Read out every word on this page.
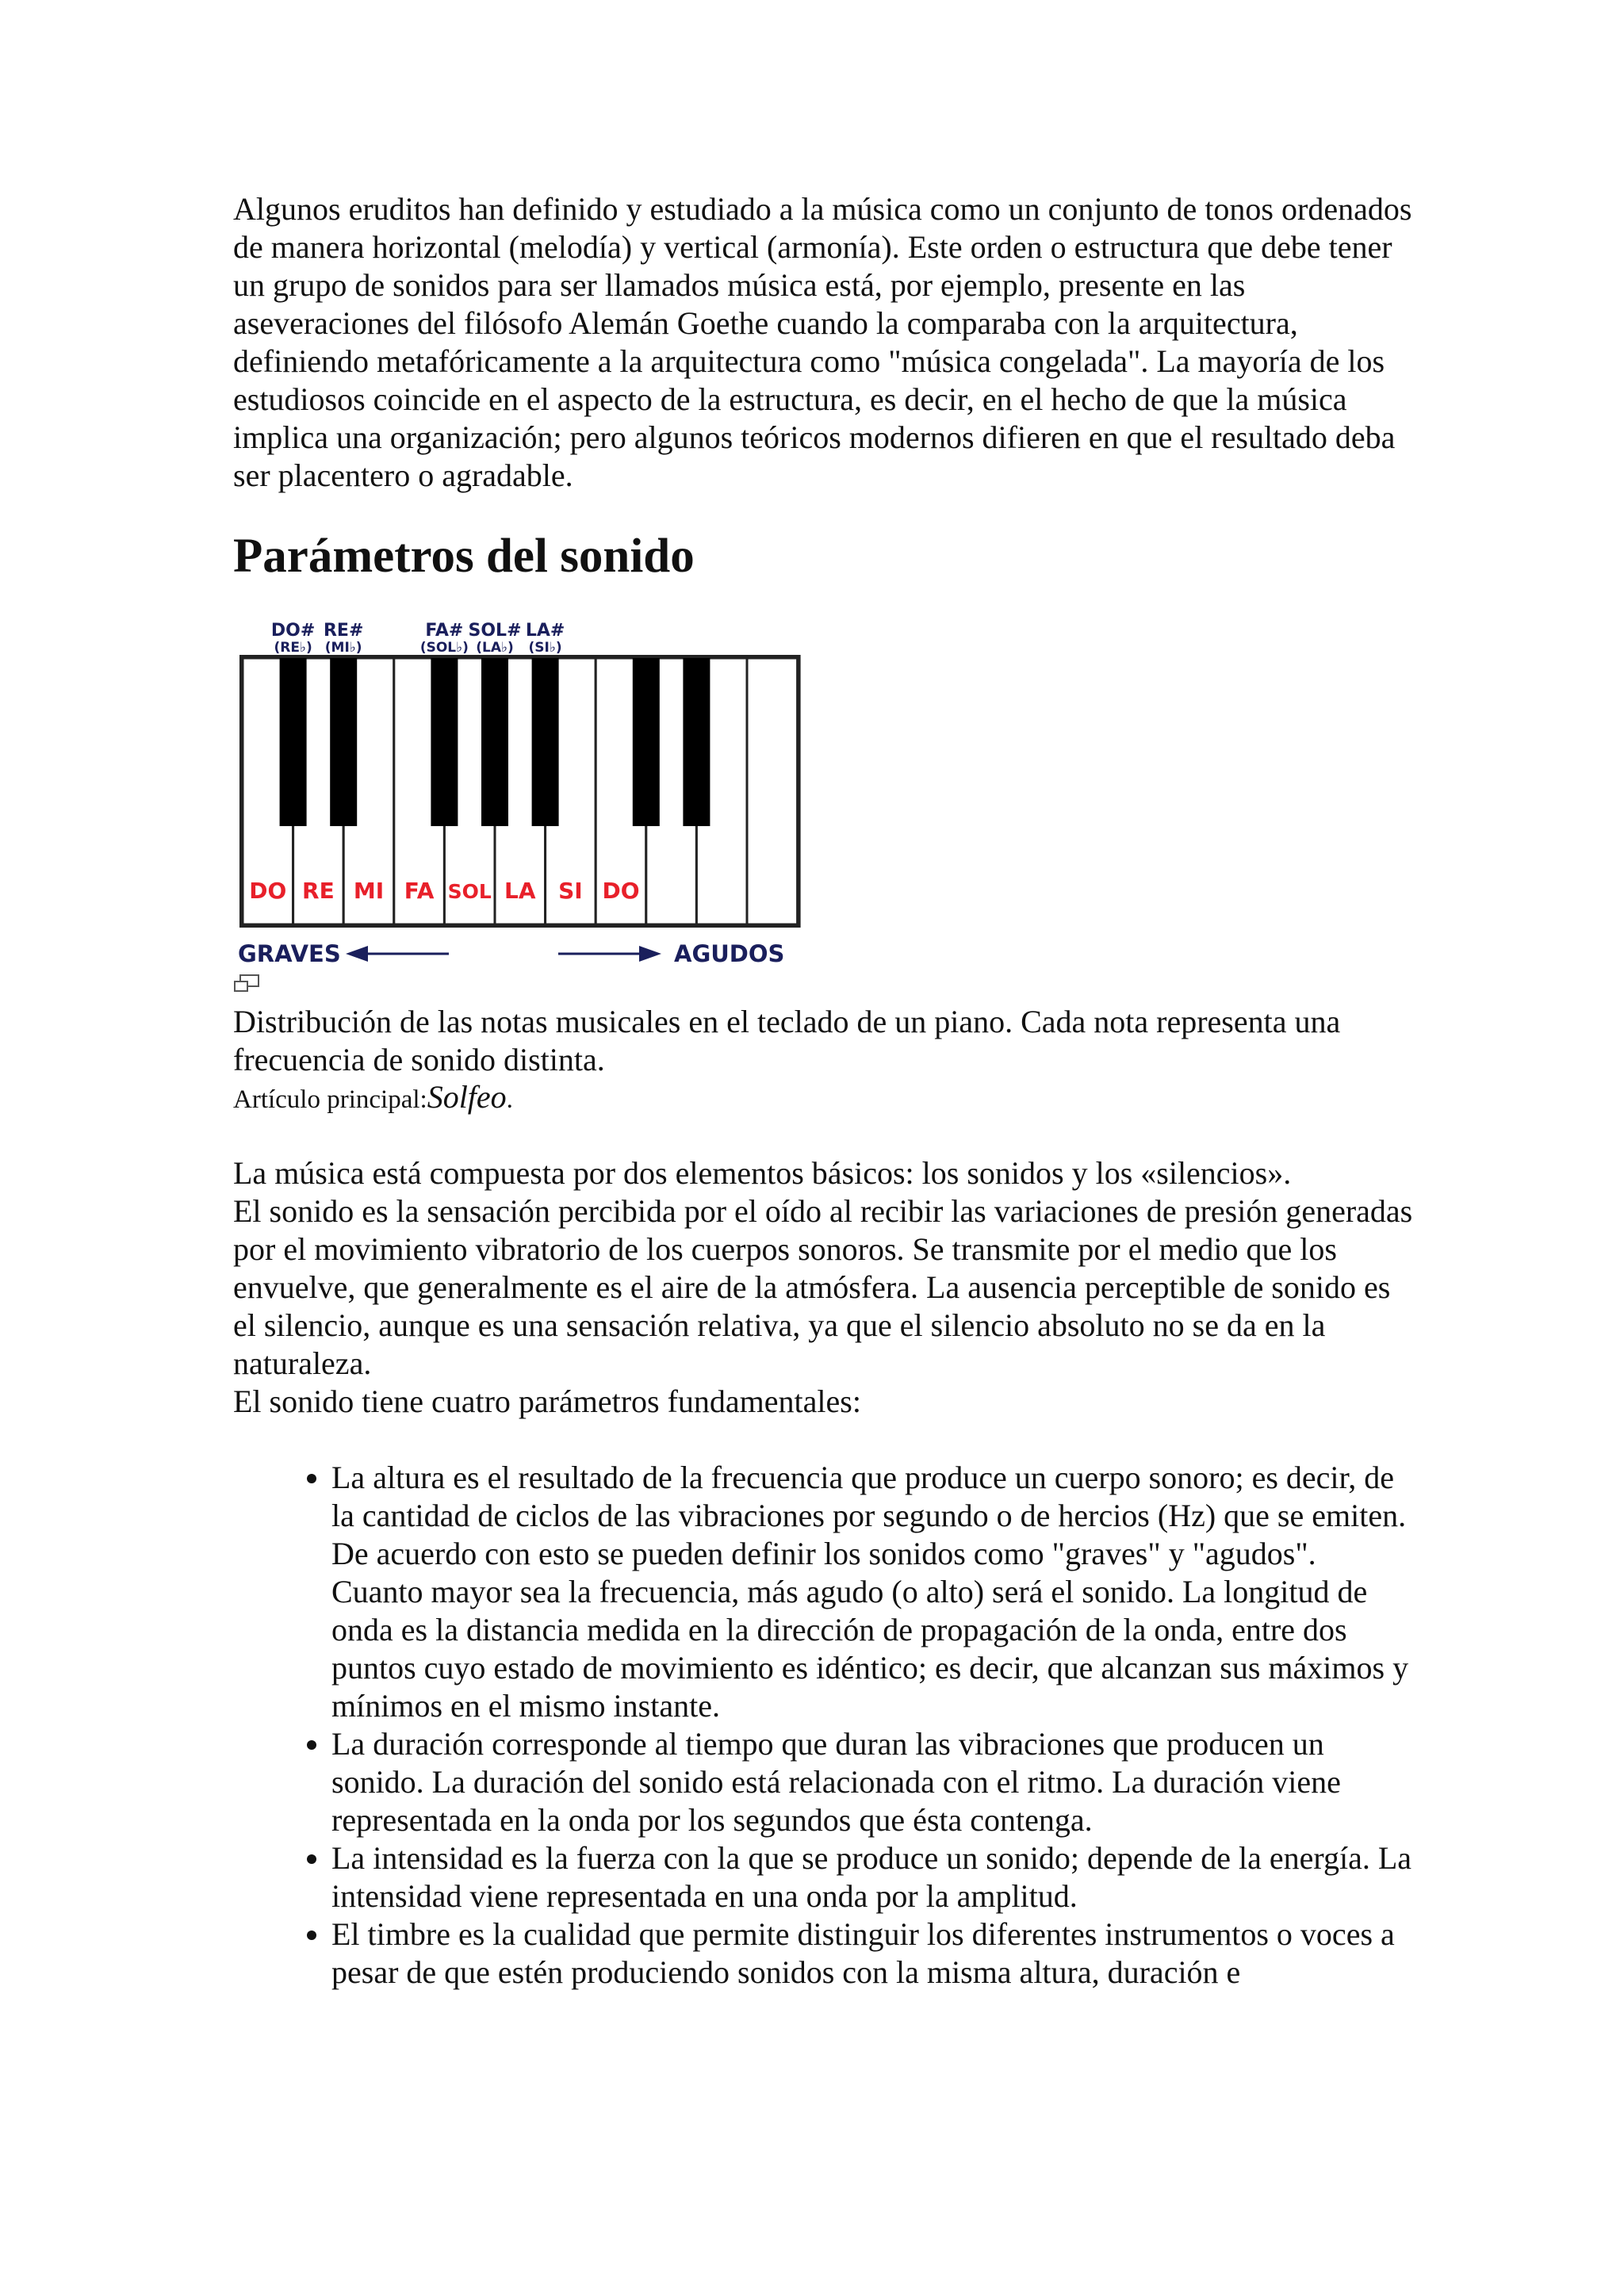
Algunos eruditos han definido y estudiado a la música como un conjunto de tonos ordenados de manera horizontal (melodía) y vertical (armonía). Este orden o estructura que debe tener un grupo de sonidos para ser llamados música está, por ejemplo, presente en las aseveraciones del filósofo Alemán Goethe cuando la comparaba con la arquitectura, definiendo metafóricamente a la arquitectura como "música congelada". La mayoría de los estudiosos coincide en el aspecto de la estructura, es decir, en el hecho de que la música implica una organización; pero algunos teóricos modernos difieren en que el resultado deba ser placentero o agradable.

Parámetros del sonido
DO#
(RE♭)
RE#
(MI♭)
FA#
(SOL♭)
SOL#
(LA♭)
LA#
(SI♭)
DO RE MI FA SOL LA SI DO
GRAVES	AGUDOS

Distribución de las notas musicales en el teclado de un piano. Cada nota representa una frecuencia de sonido distinta.

Artículo principal:Solfeo.

La música está compuesta por dos elementos básicos: los sonidos y los «silencios».

El sonido es la sensación percibida por el oído al recibir las variaciones de presión generadas por el movimiento vibratorio de los cuerpos sonoros. Se transmite por el medio que los envuelve, que generalmente es el aire de la atmósfera. La ausencia perceptible de sonido es el silencio, aunque es una sensación relativa, ya que el silencio absoluto no se da en la naturaleza.

El sonido tiene cuatro parámetros fundamentales:

• La altura es el resultado de la frecuencia que produce un cuerpo sonoro; es decir, de la cantidad de ciclos de las vibraciones por segundo o de hercios (Hz) que se emiten. De acuerdo con esto se pueden definir los sonidos como "graves" y "agudos". Cuanto mayor sea la frecuencia, más agudo (o alto) será el sonido. La longitud de onda es la distancia medida en la dirección de propagación de la onda, entre dos puntos cuyo estado de movimiento es idéntico; es decir, que alcanzan sus máximos y mínimos en el mismo instante.
• La duración corresponde al tiempo que duran las vibraciones que producen un sonido. La duración del sonido está relacionada con el ritmo. La duración viene representada en la onda por los segundos que ésta contenga.
• La intensidad es la fuerza con la que se produce un sonido; depende de la energía. La intensidad viene representada en una onda por la amplitud.
• El timbre es la cualidad que permite distinguir los diferentes instrumentos o voces a pesar de que estén produciendo sonidos con la misma altura, duración e
